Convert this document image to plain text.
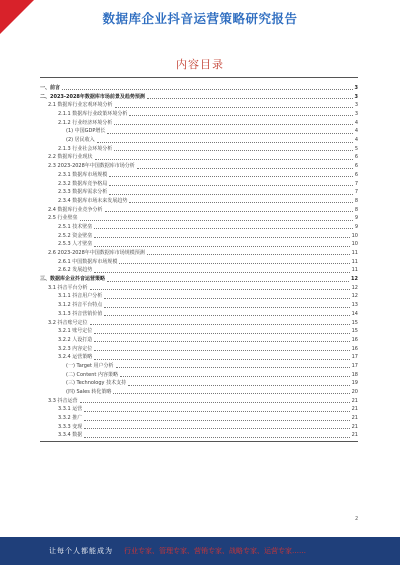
数据库企业抖音运营策略研究报告
内容目录
一、前言	3
二、2023-2028年数据库市场前景及趋势预测	3
2.1 数据库行业宏观环境分析	3
2.1.1 数据库行业政策环境分析	3
2.1.2 行业经济环境分析	4
(1) 中国GDP增长	4
(2) 居民收入	4
2.1.3 行业社会环境分析	5
2.2 数据库行业现状	6
2.3 2023-2028年中国数据库市场分析	6
2.3.1 数据库市场规模	6
2.3.2 数据库竞争格局	7
2.3.3 数据库需求分析	7
2.3.4 数据库市场未来发展趋势	8
2.4 数据库行业竞争分析	8
2.5 行业壁垒	9
2.5.1 技术壁垒	9
2.5.2 资金壁垒	10
2.5.3 人才壁垒	10
2.6 2023-2028年中国数据库市场规模预测	11
2.6.1 中国数据库市场规模	11
2.6.2 发展趋势	11
三、数据库企业抖音运营策略	12
3.1 抖音平台分析	12
3.1.1 抖音用户分析	12
3.1.2 抖音平台特点	13
3.1.3 抖音营销价值	14
3.2 抖音账号定位	15
3.2.1 账号定位	15
3.2.2 人设打造	16
3.2.3 内容定位	16
3.2.4 运营策略	17
(一) Target 用户分析	17
(二) Content 内容策略	18
(三) Technology 技术支持	19
(四) Sales 转化策略	20
3.3 抖音运营	21
3.3.1 运营	21
3.3.2 推广	21
3.3.3 变现	21
3.3.4 数据	21
2
让每个人都能成为 行业专家、管理专家、营销专家、战略专家、运营专家……
